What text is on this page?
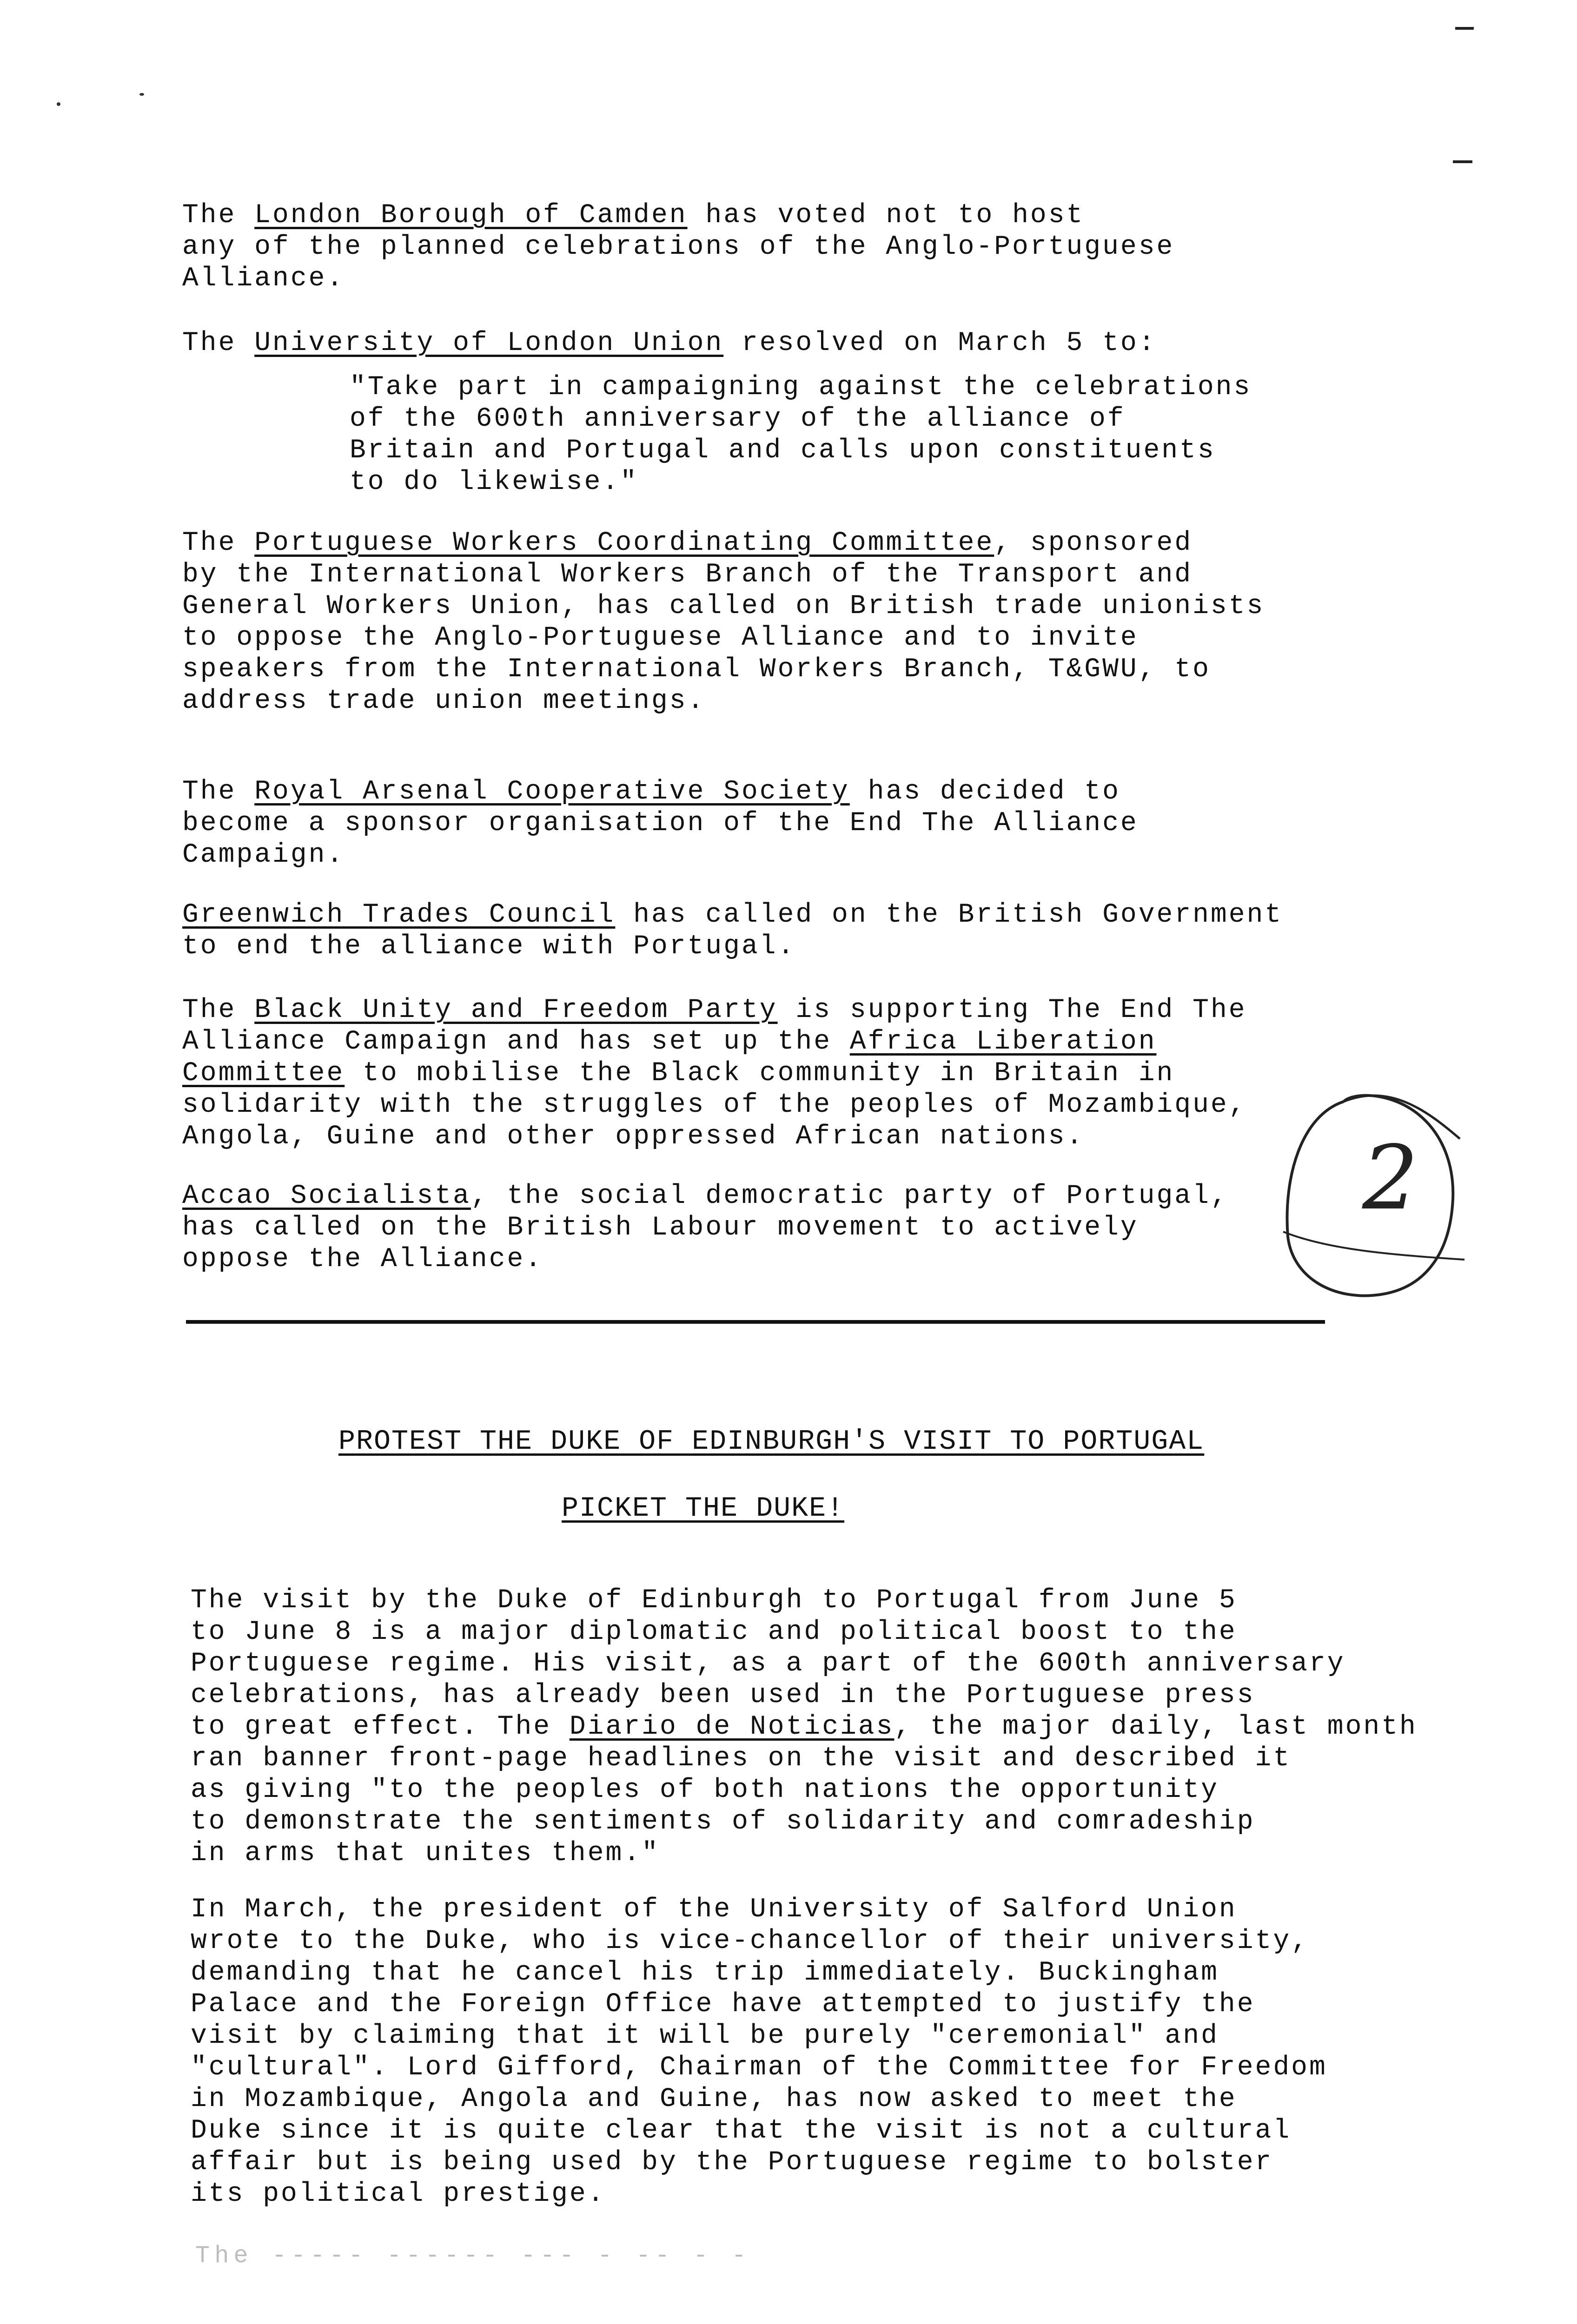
The London Borough of Camden has voted not to host
any of the planned celebrations of the Anglo-Portuguese
Alliance.
The University of London Union resolved on March 5 to:
"Take part in campaigning against the celebrations
of the 600th anniversary of the alliance of
Britain and Portugal and calls upon constituents
to do likewise."
The Portuguese Workers Coordinating Committee, sponsored
by the International Workers Branch of the Transport and
General Workers Union, has called on British trade unionists
to oppose the Anglo-Portuguese Alliance and to invite
speakers from the International Workers Branch, T&GWU, to
address trade union meetings.
The Royal Arsenal Cooperative Society has decided to
become a sponsor organisation of the End The Alliance
Campaign.
Greenwich Trades Council has called on the British Government
to end the alliance with Portugal.
The Black Unity and Freedom Party is supporting The End The
Alliance Campaign and has set up the Africa Liberation
Committee to mobilise the Black community in Britain in
solidarity with the struggles of the peoples of Mozambique,
Angola, Guine and other oppressed African nations.
Accao Socialista, the social democratic party of Portugal,
has called on the British Labour movement to actively
oppose the Alliance.
2
PROTEST THE DUKE OF EDINBURGH'S VISIT TO PORTUGAL
PICKET THE DUKE!
The visit by the Duke of Edinburgh to Portugal from June 5
to June 8 is a major diplomatic and political boost to the
Portuguese regime. His visit, as a part of the 600th anniversary
celebrations, has already been used in the Portuguese press
to great effect. The Diario de Noticias, the major daily, last month
ran banner front-page headlines on the visit and described it
as giving "to the peoples of both nations the opportunity
to demonstrate the sentiments of solidarity and comradeship
in arms that unites them."
In March, the president of the University of Salford Union
wrote to the Duke, who is vice-chancellor of their university,
demanding that he cancel his trip immediately. Buckingham
Palace and the Foreign Office have attempted to justify the
visit by claiming that it will be purely "ceremonial" and
"cultural". Lord Gifford, Chairman of the Committee for Freedom
in Mozambique, Angola and Guine, has now asked to meet the
Duke since it is quite clear that the visit is not a cultural
affair but is being used by the Portuguese regime to bolster
its political prestige.
The ----- ------ --- - -- - -
